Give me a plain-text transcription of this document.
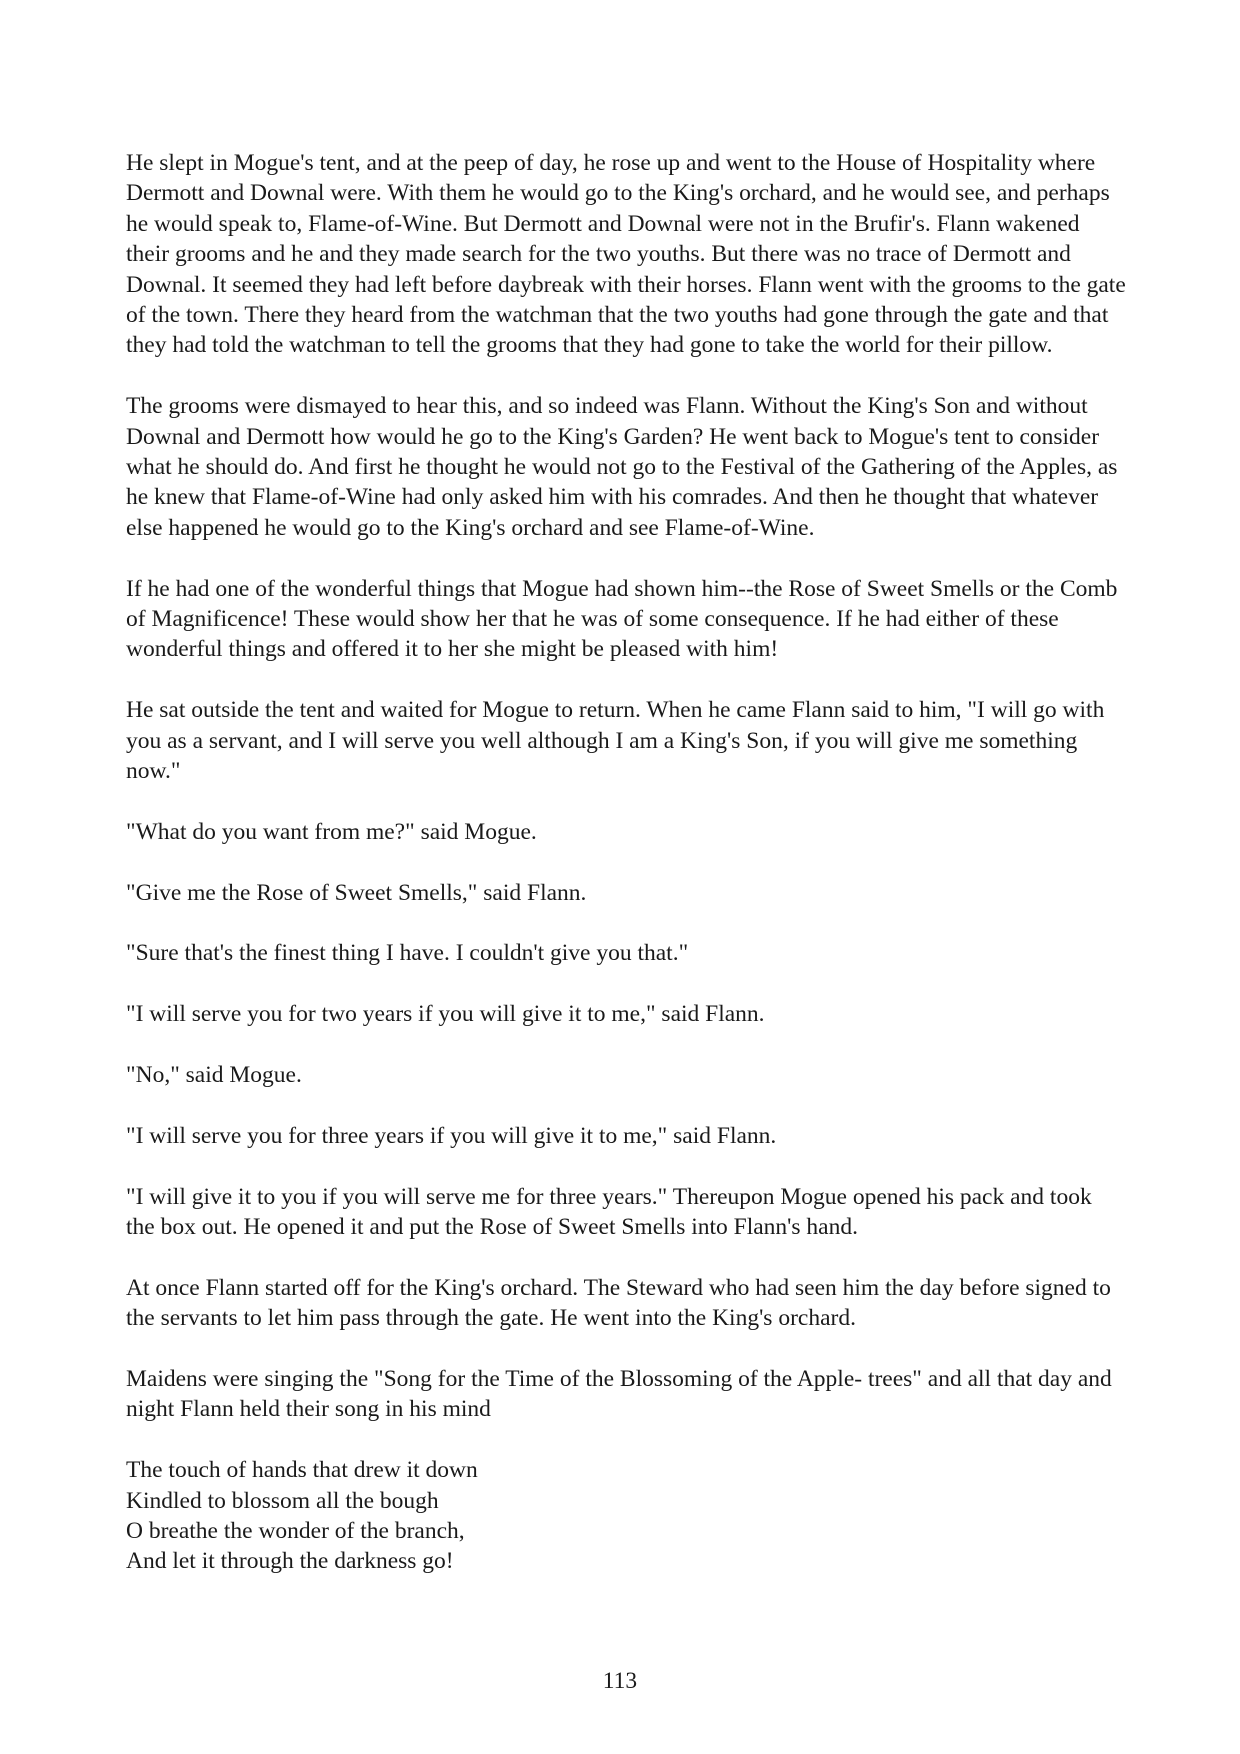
He slept in Mogue's tent, and at the peep of day, he rose up and went to the House of Hospitality where Dermott and Downal were. With them he would go to the King's orchard, and he would see, and perhaps he would speak to, Flame-of-Wine. But Dermott and Downal were not in the Brufir's. Flann wakened their grooms and he and they made search for the two youths. But there was no trace of Dermott and Downal. It seemed they had left before daybreak with their horses. Flann went with the grooms to the gate of the town. There they heard from the watchman that the two youths had gone through the gate and that they had told the watchman to tell the grooms that they had gone to take the world for their pillow.

The grooms were dismayed to hear this, and so indeed was Flann. Without the King's Son and without Downal and Dermott how would he go to the King's Garden? He went back to Mogue's tent to consider what he should do. And first he thought he would not go to the Festival of the Gathering of the Apples, as he knew that Flame-of-Wine had only asked him with his comrades. And then he thought that whatever else happened he would go to the King's orchard and see Flame-of-Wine.

If he had one of the wonderful things that Mogue had shown him--the Rose of Sweet Smells or the Comb of Magnificence! These would show her that he was of some consequence. If he had either of these wonderful things and offered it to her she might be pleased with him!

He sat outside the tent and waited for Mogue to return. When he came Flann said to him, "I will go with you as a servant, and I will serve you well although I am a King's Son, if you will give me something now."

"What do you want from me?" said Mogue.

"Give me the Rose of Sweet Smells," said Flann.

"Sure that's the finest thing I have. I couldn't give you that."

"I will serve you for two years if you will give it to me," said Flann.

"No," said Mogue.

"I will serve you for three years if you will give it to me," said Flann.

"I will give it to you if you will serve me for three years." Thereupon Mogue opened his pack and took the box out. He opened it and put the Rose of Sweet Smells into Flann's hand.

At once Flann started off for the King's orchard. The Steward who had seen him the day before signed to the servants to let him pass through the gate. He went into the King's orchard.

Maidens were singing the "Song for the Time of the Blossoming of the Apple- trees" and all that day and night Flann held their song in his mind

The touch of hands that drew it down
Kindled to blossom all the bough
O breathe the wonder of the branch,
And let it through the darkness go!
113
